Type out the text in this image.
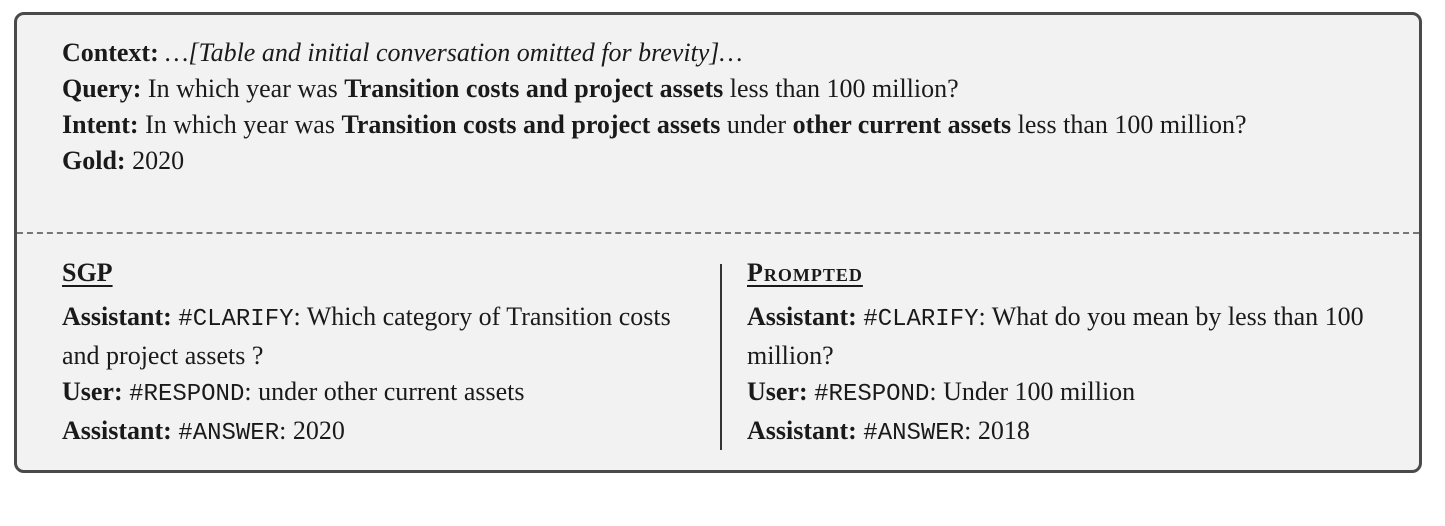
Context: …[Table and initial conversation omitted for brevity]…
Query: In which year was Transition costs and project assets less than 100 million?
Intent: In which year was Transition costs and project assets under other current assets less than 100 million?
Gold: 2020
SGP
Assistant: #CLARIFY: Which category of Transition costs and project assets ?
User: #RESPOND: under other current assets
Assistant: #ANSWER: 2020
Prompted
Assistant: #CLARIFY: What do you mean by less than 100 million?
User: #RESPOND: Under 100 million
Assistant: #ANSWER: 2018
